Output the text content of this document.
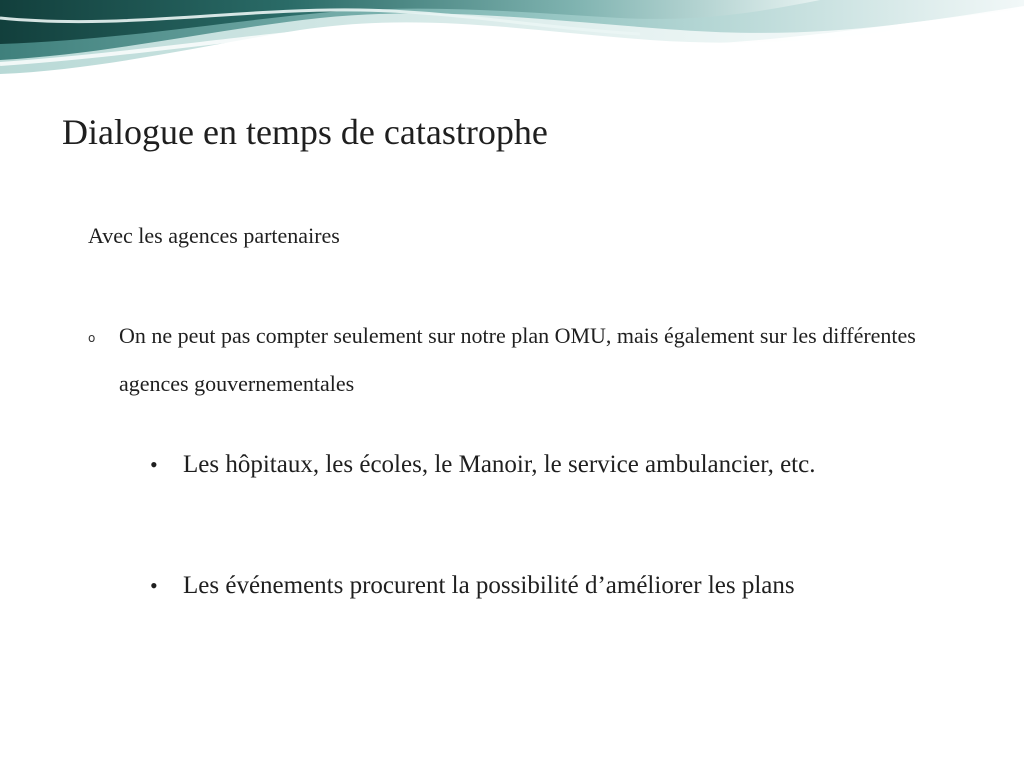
Dialogue en temps de catastrophe
Avec les agences partenaires
o On ne peut pas compter seulement sur notre plan OMU, mais également sur les différentes agences gouvernementales
• Les hôpitaux, les écoles, le Manoir, le service ambulancier, etc.
• Les événements procurent la possibilité d’améliorer les plans
